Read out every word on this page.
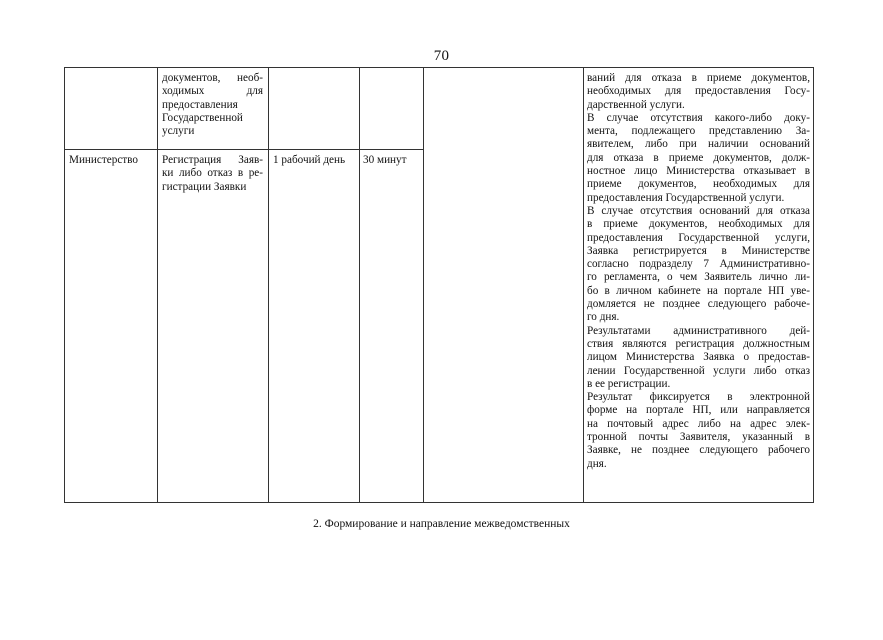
70

документов, необ-

ходимых для

предоставления

Государственной

услуги

Министерство	Регистрация Заяв-

ки либо отказ в ре-

гистрации Заявки

1 рабочий день	30 минут

ваний для отказа в приеме документов,

необходимых для предоставления Госу-

дарственной услуги.

В случае отсутствия какого-либо доку-

мента, подлежащего представлению За-

явителем, либо при наличии оснований

для отказа в приеме документов, долж-

ностное лицо Министерства отказывает в

приеме документов, необходимых для

предоставления Государственной услуги.

В случае отсутствия оснований для отказа

в приеме документов, необходимых для

предоставления Государственной услуги,

Заявка регистрируется в Министерстве

согласно подразделу 7 Административно-

го регламента, о чем Заявитель лично ли-

бо в личном кабинете на портале НП уве-

домляется не позднее следующего рабоче-

го дня.

Результатами административного дей-

ствия являются регистрация должностным

лицом Министерства Заявка о предостав-

лении Государственной услуги либо отказ

в ее регистрации.

Результат фиксируется в электронной

форме на портале НП, или направляется

на почтовый адрес либо на адрес элек-

тронной почты Заявителя, указанный в

Заявке, не позднее следующего рабочего

дня.

2. Формирование и направление межведомственных
